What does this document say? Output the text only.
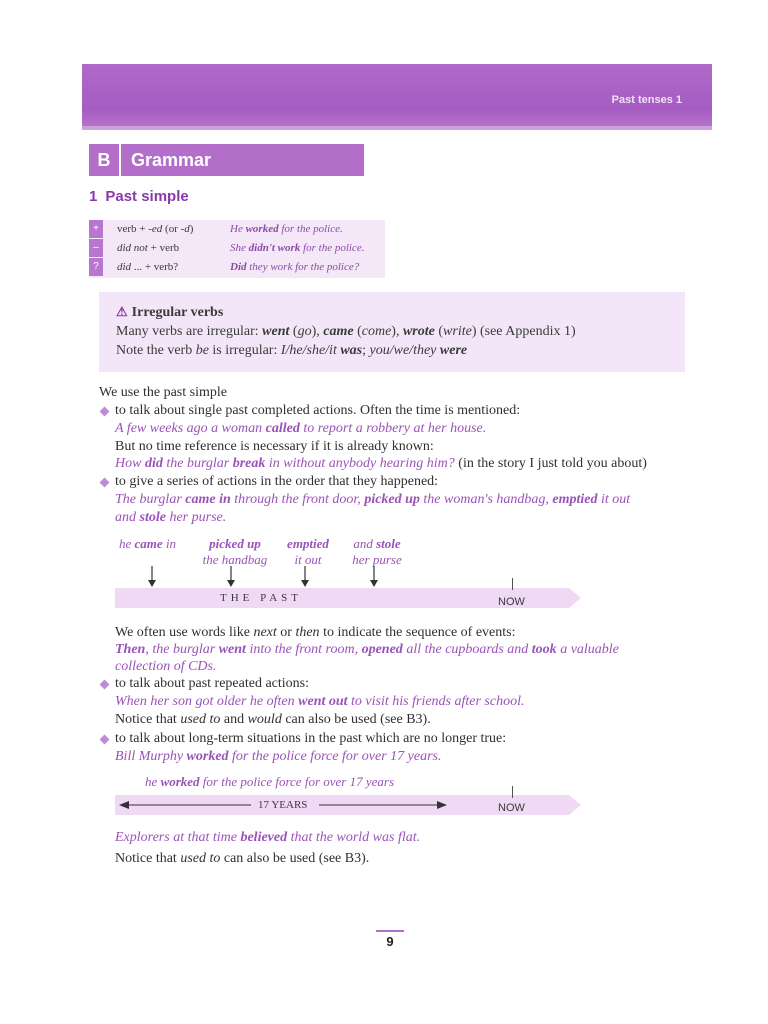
Past tenses 1
B	Grammar
1 Past simple
+	verb + -ed (or -d)	He worked for the police.
–	did not + verb	She didn't work for the police.
?	did ... + verb?	Did they work for the police?
⚠ Irregular verbs
Many verbs are irregular: went (go), came (come), wrote (write) (see Appendix 1)
Note the verb be is irregular: I/he/she/it was; you/we/they were
We use the past simple
to talk about single past completed actions. Often the time is mentioned:
A few weeks ago a woman called to report a robbery at her house.
But no time reference is necessary if it is already known:
How did the burglar break in without anybody hearing him? (in the story I just told you about)
to give a series of actions in the order that they happened:
The burglar came in through the front door, picked up the woman's handbag, emptied it out
and stole her purse.
he came in	picked up
the handbag
emptied
it out
and stole
her purse
THE PAST	NOW
We often use words like next or then to indicate the sequence of events:
Then, the burglar went into the front room, opened all the cupboards and took a valuable
collection of CDs.
to talk about past repeated actions:
When her son got older he often went out to visit his friends after school.
Notice that used to and would can also be used (see B3).
to talk about long-term situations in the past which are no longer true:
Bill Murphy worked for the police force for over 17 years.
he worked for the police force for over 17 years
17 YEARS	NOW
Explorers at that time believed that the world was flat.
Notice that used to can also be used (see B3).
9
